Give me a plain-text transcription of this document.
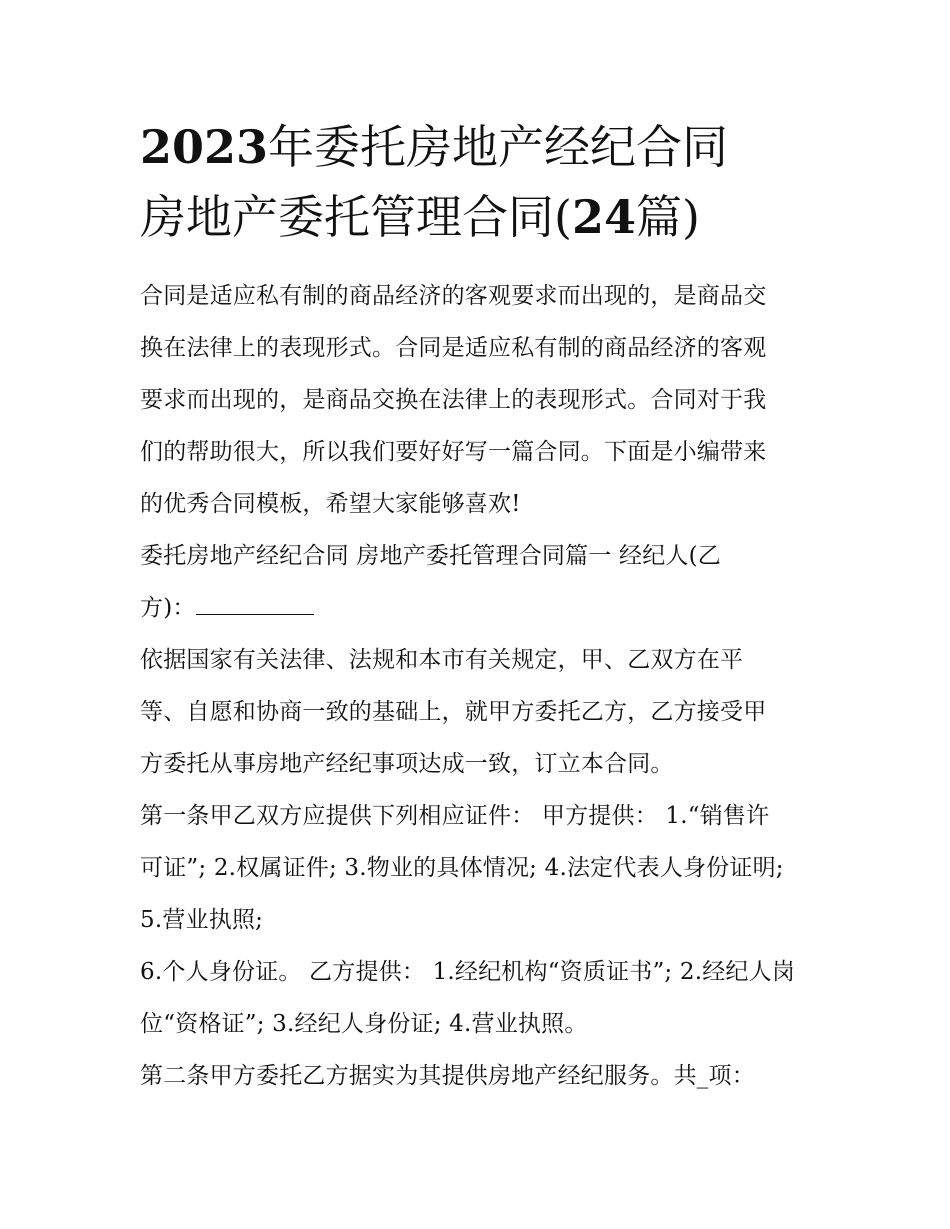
2023年委托房地产经纪合同
房地产委托管理合同(24篇)

合同是适应私有制的商品经济的客观要求而出现的，是商品交
换在法律上的表现形式。合同是适应私有制的商品经济的客观
要求而出现的，是商品交换在法律上的表现形式。合同对于我
们的帮助很大，所以我们要好好写一篇合同。下面是小编带来
的优秀合同模板，希望大家能够喜欢!

委托房地产经纪合同 房地产委托管理合同篇一 经纪人(乙
方)：

依据国家有关法律、法规和本市有关规定，甲、乙双方在平
等、自愿和协商一致的基础上，就甲方委托乙方，乙方接受甲
方委托从事房地产经纪事项达成一致，订立本合同。

第一条甲乙双方应提供下列相应证件： 甲方提供： 1.“销售许
可证”; 2.权属证件; 3.物业的具体情况; 4.法定代表人身份证明;
5.营业执照;

6.个人身份证。 乙方提供： 1.经纪机构“资质证书”; 2.经纪人岗
位“资格证”; 3.经纪人身份证; 4.营业执照。

第二条甲方委托乙方据实为其提供房地产经纪服务。共_项：
